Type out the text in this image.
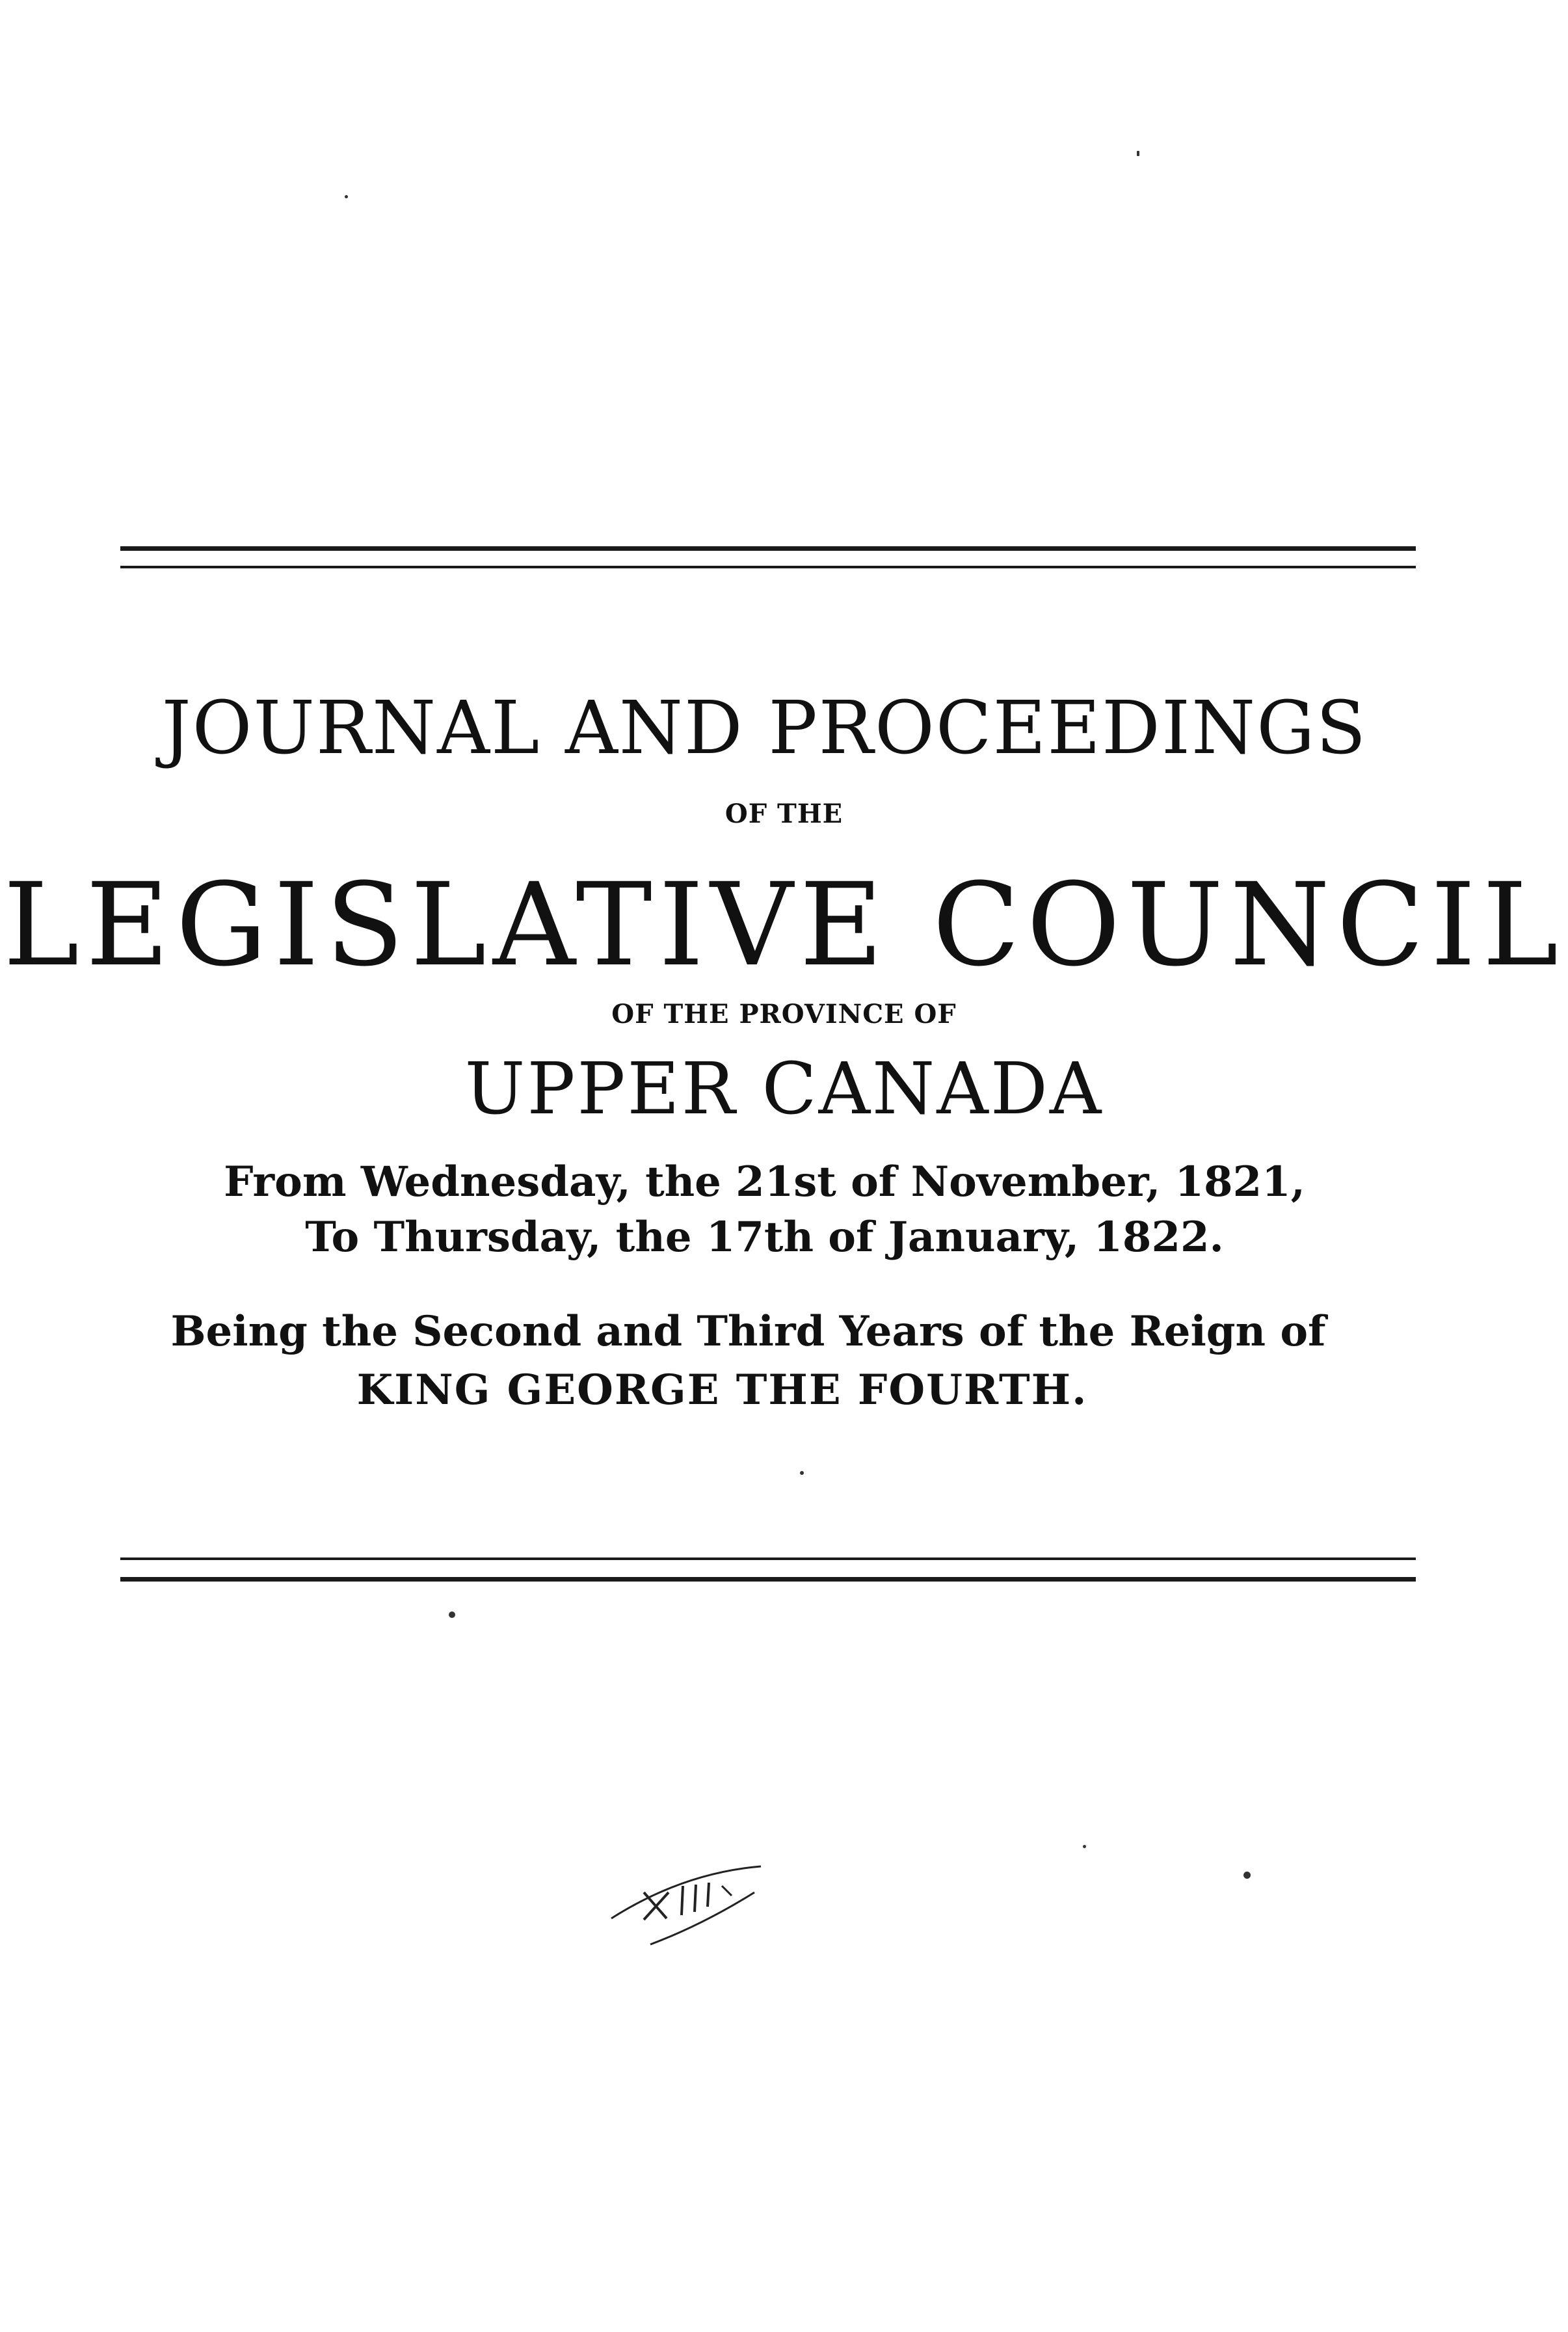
JOURNAL AND PROCEEDINGS
OF THE
LEGISLATIVE COUNCIL
OF THE PROVINCE OF
UPPER CANADA
From Wednesday, the 21st of November, 1821,
To Thursday, the 17th of January, 1822.
Being the Second and Third Years of the Reign of
KING GEORGE THE FOURTH.
